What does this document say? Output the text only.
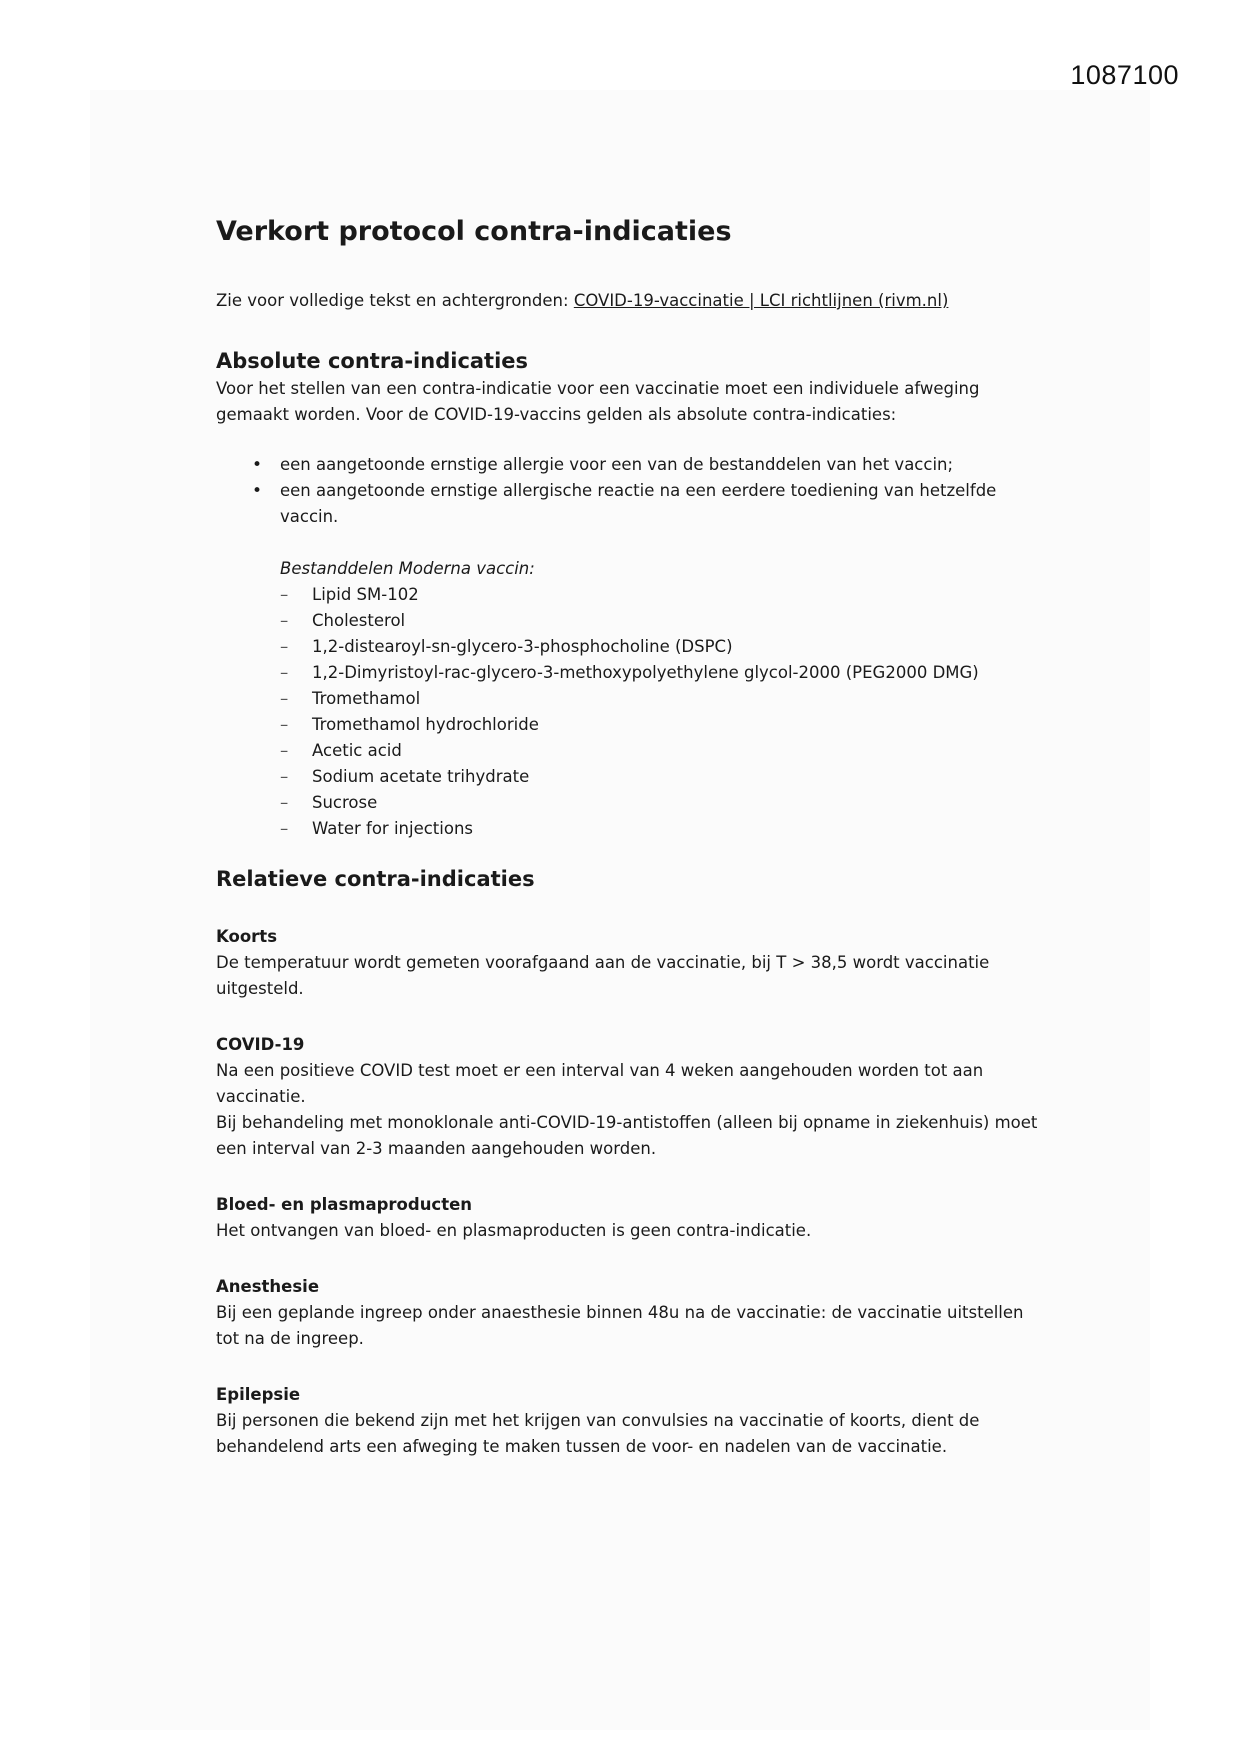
1087100
Verkort protocol contra-indicaties

Zie voor volledige tekst en achtergronden: COVID-19-vaccinatie | LCI richtlijnen (rivm.nl)

Absolute contra-indicaties

Voor het stellen van een contra-indicatie voor een vaccinatie moet een individuele afweging gemaakt worden. Voor de COVID-19-vaccins gelden als absolute contra-indicaties:

• een aangetoonde ernstige allergie voor een van de bestanddelen van het vaccin;
• een aangetoonde ernstige allergische reactie na een eerdere toediening van hetzelfde vaccin.

Bestanddelen Moderna vaccin:

– Lipid SM-102
– Cholesterol
– 1,2-distearoyl-sn-glycero-3-phosphocholine (DSPC)
– 1,2-Dimyristoyl-rac-glycero-3-methoxypolyethylene glycol-2000 (PEG2000 DMG)
– Tromethamol
– Tromethamol hydrochloride
– Acetic acid
– Sodium acetate trihydrate
– Sucrose
– Water for injections
Relatieve contra-indicaties
Koorts

De temperatuur wordt gemeten voorafgaand aan de vaccinatie, bij T > 38,5 wordt vaccinatie uitgesteld.

COVID-19

Na een positieve COVID test moet er een interval van 4 weken aangehouden worden tot aan vaccinatie.

Bij behandeling met monoklonale anti-COVID-19-antistoffen (alleen bij opname in ziekenhuis) moet een interval van 2-3 maanden aangehouden worden.

Bloed- en plasmaproducten

Het ontvangen van bloed- en plasmaproducten is geen contra-indicatie.

Anesthesie

Bij een geplande ingreep onder anaesthesie binnen 48u na de vaccinatie: de vaccinatie uitstellen tot na de ingreep.

Epilepsie

Bij personen die bekend zijn met het krijgen van convulsies na vaccinatie of koorts, dient de behandelend arts een afweging te maken tussen de voor- en nadelen van de vaccinatie.
